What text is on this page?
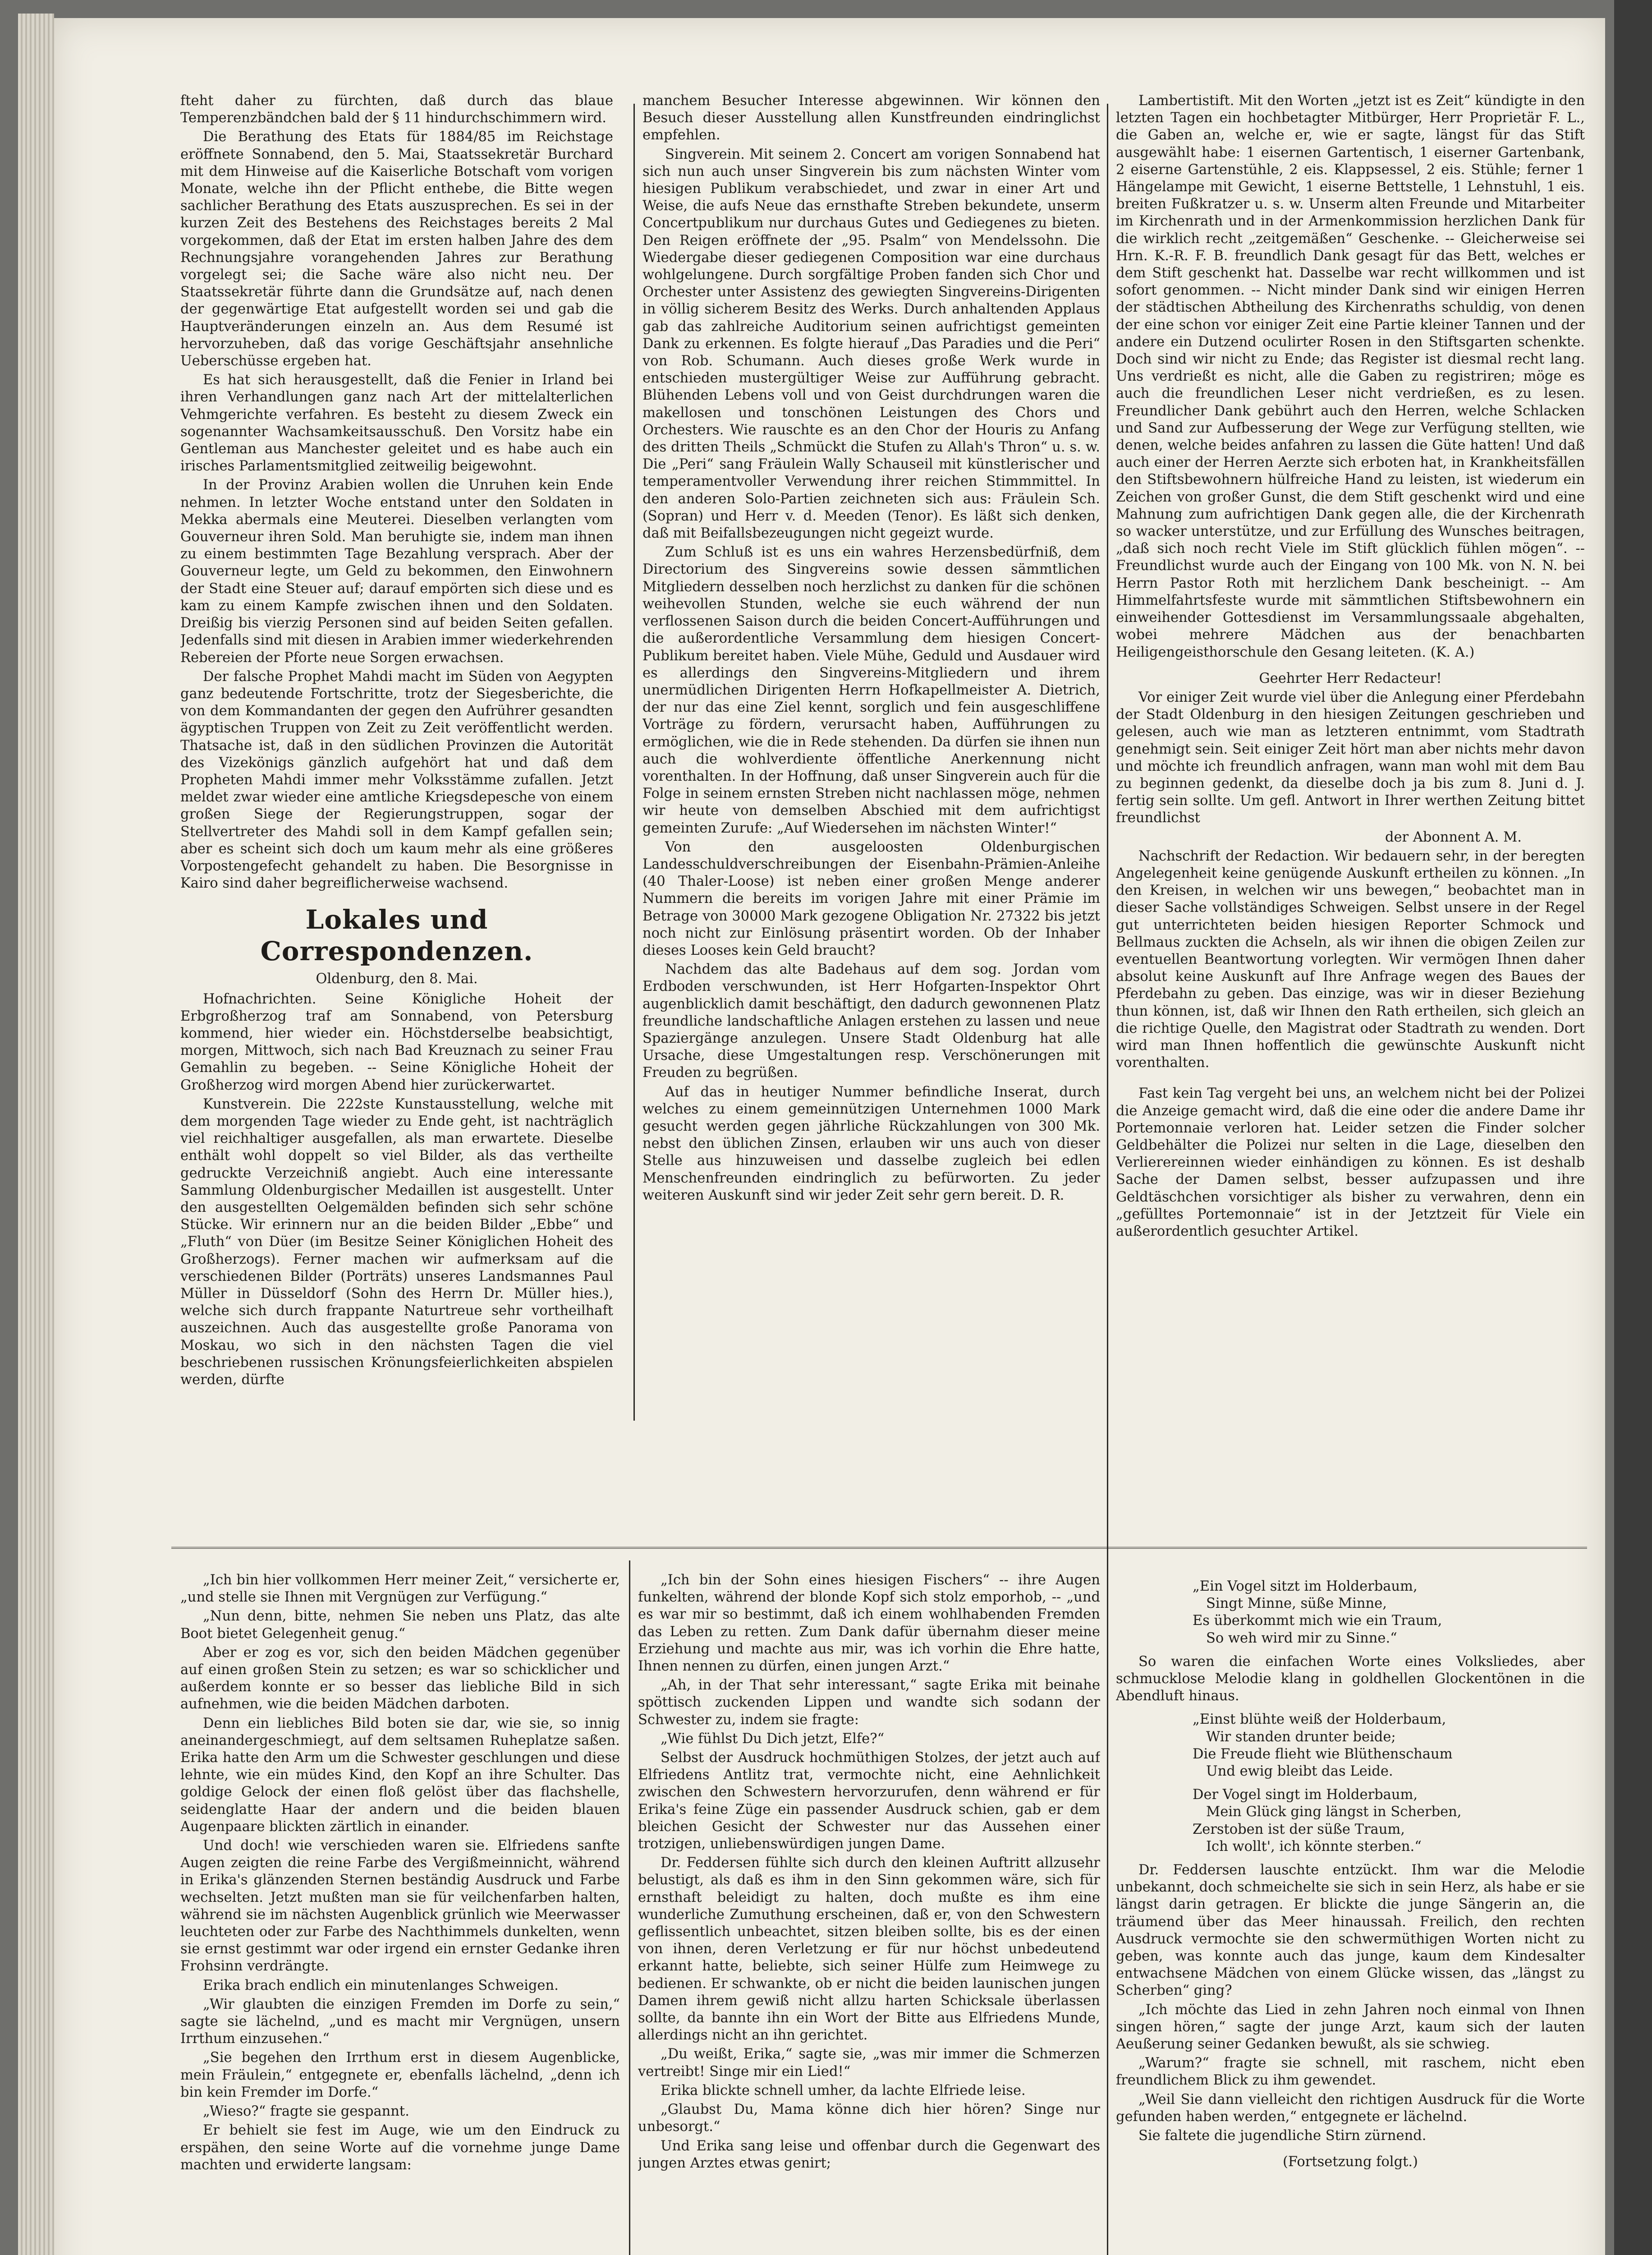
fteht daher zu fürchten, daß durch das blaue Temperenzbändchen bald der § 11 hindurchschimmern wird.

Die Berathung des Etats für 1884/85 im Reichstage eröffnete Sonnabend, den 5. Mai, Staatssekretär Burchard mit dem Hinweise auf die Kaiserliche Botschaft vom vorigen Monate, welche ihn der Pflicht enthebe, die Bitte wegen sachlicher Berathung des Etats auszusprechen. Es sei in der kurzen Zeit des Bestehens des Reichstages bereits 2 Mal vorgekommen, daß der Etat im ersten halben Jahre des dem Rechnungsjahre vorangehenden Jahres zur Berathung vorgelegt sei; die Sache wäre also nicht neu. Der Staatssekretär führte dann die Grundsätze auf, nach denen der gegenwärtige Etat aufgestellt worden sei und gab die Hauptveränderungen einzeln an. Aus dem Resumé ist hervorzuheben, daß das vorige Geschäftsjahr ansehnliche Ueberschüsse ergeben hat.

Es hat sich herausgestellt, daß die Fenier in Irland bei ihren Verhandlungen ganz nach Art der mittelalterlichen Vehmgerichte verfahren. Es besteht zu diesem Zweck ein sogenannter Wachsamkeitsausschuß. Den Vorsitz habe ein Gentleman aus Manchester geleitet und es habe auch ein irisches Parlamentsmitglied zeitweilig beigewohnt.

In der Provinz Arabien wollen die Unruhen kein Ende nehmen. In letzter Woche entstand unter den Soldaten in Mekka abermals eine Meuterei. Dieselben verlangten vom Gouverneur ihren Sold. Man beruhigte sie, indem man ihnen zu einem bestimmten Tage Bezahlung versprach. Aber der Gouverneur legte, um Geld zu bekommen, den Einwohnern der Stadt eine Steuer auf; darauf empörten sich diese und es kam zu einem Kampfe zwischen ihnen und den Soldaten. Dreißig bis vierzig Personen sind auf beiden Seiten gefallen. Jedenfalls sind mit diesen in Arabien immer wiederkehrenden Rebereien der Pforte neue Sorgen erwachsen.

Der falsche Prophet Mahdi macht im Süden von Aegypten ganz bedeutende Fortschritte, trotz der Siegesberichte, die von dem Kommandanten der gegen den Aufrührer gesandten ägyptischen Truppen von Zeit zu Zeit veröffentlicht werden. Thatsache ist, daß in den südlichen Provinzen die Autorität des Vizekönigs gänzlich aufgehört hat und daß dem Propheten Mahdi immer mehr Volksstämme zufallen. Jetzt meldet zwar wieder eine amtliche Kriegsdepesche von einem großen Siege der Regierungstruppen, sogar der Stellvertreter des Mahdi soll in dem Kampf gefallen sein; aber es scheint sich doch um kaum mehr als eine größeres Vorpostengefecht gehandelt zu haben. Die Besorgnisse in Kairo sind daher begreiflicherweise wachsend.

Lokales und Correspondenzen.

Oldenburg, den 8. Mai.

Hofnachrichten. Seine Königliche Hoheit der Erbgroßherzog traf am Sonnabend, von Petersburg kommend, hier wieder ein. Höchstderselbe beabsichtigt, morgen, Mittwoch, sich nach Bad Kreuznach zu seiner Frau Gemahlin zu begeben. -- Seine Königliche Hoheit der Großherzog wird morgen Abend hier zurückerwartet.

Kunstverein. Die 222ste Kunstausstellung, welche mit dem morgenden Tage wieder zu Ende geht, ist nachträglich viel reichhaltiger ausgefallen, als man erwartete. Dieselbe enthält wohl doppelt so viel Bilder, als das vertheilte gedruckte Verzeichniß angiebt. Auch eine interessante Sammlung Oldenburgischer Medaillen ist ausgestellt. Unter den ausgestellten Oelgemälden befinden sich sehr schöne Stücke. Wir erinnern nur an die beiden Bilder „Ebbe“ und „Fluth“ von Düer (im Besitze Seiner Königlichen Hoheit des Großherzogs). Ferner machen wir aufmerksam auf die verschiedenen Bilder (Porträts) unseres Landsmannes Paul Müller in Düsseldorf (Sohn des Herrn Dr. Müller hies.), welche sich durch frappante Naturtreue sehr vortheilhaft auszeichnen. Auch das ausgestellte große Panorama von Moskau, wo sich in den nächsten Tagen die viel beschriebenen russischen Krönungsfeierlichkeiten abspielen werden, dürfte

manchem Besucher Interesse abgewinnen. Wir können den Besuch dieser Ausstellung allen Kunstfreunden eindringlichst empfehlen.

Singverein. Mit seinem 2. Concert am vorigen Sonnabend hat sich nun auch unser Singverein bis zum nächsten Winter vom hiesigen Publikum verabschiedet, und zwar in einer Art und Weise, die aufs Neue das ernsthafte Streben bekundete, unserm Concertpublikum nur durchaus Gutes und Gediegenes zu bieten. Den Reigen eröffnete der „95. Psalm“ von Mendelssohn. Die Wiedergabe dieser gediegenen Composition war eine durchaus wohlgelungene. Durch sorgfältige Proben fanden sich Chor und Orchester unter Assistenz des gewiegten Singvereins-Dirigenten in völlig sicherem Besitz des Werks. Durch anhaltenden Applaus gab das zahlreiche Auditorium seinen aufrichtigst gemeinten Dank zu erkennen. Es folgte hierauf „Das Paradies und die Peri“ von Rob. Schumann. Auch dieses große Werk wurde in entschieden mustergültiger Weise zur Aufführung gebracht. Blühenden Lebens voll und von Geist durchdrungen waren die makellosen und tonschönen Leistungen des Chors und Orchesters. Wie rauschte es an den Chor der Houris zu Anfang des dritten Theils „Schmückt die Stufen zu Allah's Thron“ u. s. w. Die „Peri“ sang Fräulein Wally Schauseil mit künstlerischer und temperamentvoller Verwendung ihrer reichen Stimmmittel. In den anderen Solo-Partien zeichneten sich aus: Fräulein Sch. (Sopran) und Herr v. d. Meeden (Tenor). Es läßt sich denken, daß mit Beifallsbezeugungen nicht gegeizt wurde.

Zum Schluß ist es uns ein wahres Herzensbedürfniß, dem Directorium des Singvereins sowie dessen sämmtlichen Mitgliedern desselben noch herzlichst zu danken für die schönen weihevollen Stunden, welche sie euch während der nun verflossenen Saison durch die beiden Concert-Aufführungen und die außerordentliche Versammlung dem hiesigen Concert-Publikum bereitet haben. Viele Mühe, Geduld und Ausdauer wird es allerdings den Singvereins-Mitgliedern und ihrem unermüdlichen Dirigenten Herrn Hofkapellmeister A. Dietrich, der nur das eine Ziel kennt, sorglich und fein ausgeschliffene Vorträge zu fördern, verursacht haben, Aufführungen zu ermöglichen, wie die in Rede stehenden. Da dürfen sie ihnen nun auch die wohlverdiente öffentliche Anerkennung nicht vorenthalten. In der Hoffnung, daß unser Singverein auch für die Folge in seinem ernsten Streben nicht nachlassen möge, nehmen wir heute von demselben Abschied mit dem aufrichtigst gemeinten Zurufe: „Auf Wiedersehen im nächsten Winter!“

Von den ausgeloosten Oldenburgischen Landesschuldverschreibungen der Eisenbahn-Prämien-Anleihe (40 Thaler-Loose) ist neben einer großen Menge anderer Nummern die bereits im vorigen Jahre mit einer Prämie im Betrage von 30000 Mark gezogene Obligation Nr. 27322 bis jetzt noch nicht zur Einlösung präsentirt worden. Ob der Inhaber dieses Looses kein Geld braucht?

Nachdem das alte Badehaus auf dem sog. Jordan vom Erdboden verschwunden, ist Herr Hofgarten-Inspektor Ohrt augenblicklich damit beschäftigt, den dadurch gewonnenen Platz freundliche landschaftliche Anlagen erstehen zu lassen und neue Spaziergänge anzulegen. Unsere Stadt Oldenburg hat alle Ursache, diese Umgestaltungen resp. Verschönerungen mit Freuden zu begrüßen.

Auf das in heutiger Nummer befindliche Inserat, durch welches zu einem gemeinnützigen Unternehmen 1000 Mark gesucht werden gegen jährliche Rückzahlungen von 300 Mk. nebst den üblichen Zinsen, erlauben wir uns auch von dieser Stelle aus hinzuweisen und dasselbe zugleich bei edlen Menschenfreunden eindringlich zu befürworten. Zu jeder weiteren Auskunft sind wir jeder Zeit sehr gern bereit. D. R.

Lambertistift. Mit den Worten „jetzt ist es Zeit“ kündigte in den letzten Tagen ein hochbetagter Mitbürger, Herr Proprietär F. L., die Gaben an, welche er, wie er sagte, längst für das Stift ausgewählt habe: 1 eisernen Gartentisch, 1 eiserner Gartenbank, 2 eiserne Gartenstühle, 2 eis. Klappsessel, 2 eis. Stühle; ferner 1 Hängelampe mit Gewicht, 1 eiserne Bettstelle, 1 Lehnstuhl, 1 eis. breiten Fußkratzer u. s. w. Unserm alten Freunde und Mitarbeiter im Kirchenrath und in der Armenkommission herzlichen Dank für die wirklich recht „zeitgemäßen“ Geschenke. -- Gleicherweise sei Hrn. K.-R. F. B. freundlich Dank gesagt für das Bett, welches er dem Stift geschenkt hat. Dasselbe war recht willkommen und ist sofort genommen. -- Nicht minder Dank sind wir einigen Herren der städtischen Abtheilung des Kirchenraths schuldig, von denen der eine schon vor einiger Zeit eine Partie kleiner Tannen und der andere ein Dutzend oculirter Rosen in den Stiftsgarten schenkte. Doch sind wir nicht zu Ende; das Register ist diesmal recht lang. Uns verdrießt es nicht, alle die Gaben zu registriren; möge es auch die freundlichen Leser nicht verdrießen, es zu lesen. Freundlicher Dank gebührt auch den Herren, welche Schlacken und Sand zur Aufbesserung der Wege zur Verfügung stellten, wie denen, welche beides anfahren zu lassen die Güte hatten! Und daß auch einer der Herren Aerzte sich erboten hat, in Krankheitsfällen den Stiftsbewohnern hülfreiche Hand zu leisten, ist wiederum ein Zeichen von großer Gunst, die dem Stift geschenkt wird und eine Mahnung zum aufrichtigen Dank gegen alle, die der Kirchenrath so wacker unterstütze, und zur Erfüllung des Wunsches beitragen, „daß sich noch recht Viele im Stift glücklich fühlen mögen“. -- Freundlichst wurde auch der Eingang von 100 Mk. von N. N. bei Herrn Pastor Roth mit herzlichem Dank bescheinigt. -- Am Himmelfahrtsfeste wurde mit sämmtlichen Stiftsbewohnern ein einweihender Gottesdienst im Versammlungssaale abgehalten, wobei mehrere Mädchen aus der benachbarten Heiligengeisthorschule den Gesang leiteten. (K. A.)

Geehrter Herr Redacteur!

Vor einiger Zeit wurde viel über die Anlegung einer Pferdebahn der Stadt Oldenburg in den hiesigen Zeitungen geschrieben und gelesen, auch wie man as letzteren entnimmt, vom Stadtrath genehmigt sein. Seit einiger Zeit hört man aber nichts mehr davon und möchte ich freundlich anfragen, wann man wohl mit dem Bau zu beginnen gedenkt, da dieselbe doch ja bis zum 8. Juni d. J. fertig sein sollte. Um gefl. Antwort in Ihrer werthen Zeitung bittet freundlichst

der Abonnent A. M.

Nachschrift der Redaction. Wir bedauern sehr, in der beregten Angelegenheit keine genügende Auskunft ertheilen zu können. „In den Kreisen, in welchen wir uns bewegen,“ beobachtet man in dieser Sache vollständiges Schweigen. Selbst unsere in der Regel gut unterrichteten beiden hiesigen Reporter Schmock und Bellmaus zuckten die Achseln, als wir ihnen die obigen Zeilen zur eventuellen Beantwortung vorlegten. Wir vermögen Ihnen daher absolut keine Auskunft auf Ihre Anfrage wegen des Baues der Pferdebahn zu geben. Das einzige, was wir in dieser Beziehung thun können, ist, daß wir Ihnen den Rath ertheilen, sich gleich an die richtige Quelle, den Magistrat oder Stadtrath zu wenden. Dort wird man Ihnen hoffentlich die gewünschte Auskunft nicht vorenthalten.

Fast kein Tag vergeht bei uns, an welchem nicht bei der Polizei die Anzeige gemacht wird, daß die eine oder die andere Dame ihr Portemonnaie verloren hat. Leider setzen die Finder solcher Geldbehälter die Polizei nur selten in die Lage, dieselben den Verlierereinnen wieder einhändigen zu können. Es ist deshalb Sache der Damen selbst, besser aufzupassen und ihre Geldtäschchen vorsichtiger als bisher zu verwahren, denn ein „gefülltes Portemonnaie“ ist in der Jetztzeit für Viele ein außerordentlich gesuchter Artikel.

„Ich bin hier vollkommen Herr meiner Zeit,“ versicherte er, „und stelle sie Ihnen mit Vergnügen zur Verfügung.“

„Nun denn, bitte, nehmen Sie neben uns Platz, das alte Boot bietet Gelegenheit genug.“

Aber er zog es vor, sich den beiden Mädchen gegenüber auf einen großen Stein zu setzen; es war so schicklicher und außerdem konnte er so besser das liebliche Bild in sich aufnehmen, wie die beiden Mädchen darboten.

Denn ein liebliches Bild boten sie dar, wie sie, so innig aneinandergeschmiegt, auf dem seltsamen Ruheplatze saßen. Erika hatte den Arm um die Schwester geschlungen und diese lehnte, wie ein müdes Kind, den Kopf an ihre Schulter. Das goldige Gelock der einen floß gelöst über das flachshelle, seidenglatte Haar der andern und die beiden blauen Augenpaare blickten zärtlich in einander.

Und doch! wie verschieden waren sie. Elfriedens sanfte Augen zeigten die reine Farbe des Vergißmeinnicht, während in Erika's glänzenden Sternen beständig Ausdruck und Farbe wechselten. Jetzt mußten man sie für veilchenfarben halten, während sie im nächsten Augenblick grünlich wie Meerwasser leuchteten oder zur Farbe des Nachthimmels dunkelten, wenn sie ernst gestimmt war oder irgend ein ernster Gedanke ihren Frohsinn verdrängte.

Erika brach endlich ein minutenlanges Schweigen.

„Wir glaubten die einzigen Fremden im Dorfe zu sein,“ sagte sie lächelnd, „und es macht mir Vergnügen, unsern Irrthum einzusehen.“

„Sie begehen den Irrthum erst in diesem Augenblicke, mein Fräulein,“ entgegnete er, ebenfalls lächelnd, „denn ich bin kein Fremder im Dorfe.“

„Wieso?“ fragte sie gespannt.

Er behielt sie fest im Auge, wie um den Eindruck zu erspähen, den seine Worte auf die vornehme junge Dame machten und erwiderte langsam:

„Ich bin der Sohn eines hiesigen Fischers“ -- ihre Augen funkelten, während der blonde Kopf sich stolz emporhob, -- „und es war mir so bestimmt, daß ich einem wohlhabenden Fremden das Leben zu retten. Zum Dank dafür übernahm dieser meine Erziehung und machte aus mir, was ich vorhin die Ehre hatte, Ihnen nennen zu dürfen, einen jungen Arzt.“

„Ah, in der That sehr interessant,“ sagte Erika mit beinahe spöttisch zuckenden Lippen und wandte sich sodann der Schwester zu, indem sie fragte:

„Wie fühlst Du Dich jetzt, Elfe?“

Selbst der Ausdruck hochmüthigen Stolzes, der jetzt auch auf Elfriedens Antlitz trat, vermochte nicht, eine Aehnlichkeit zwischen den Schwestern hervorzurufen, denn während er für Erika's feine Züge ein passender Ausdruck schien, gab er dem bleichen Gesicht der Schwester nur das Aussehen einer trotzigen, unliebenswürdigen jungen Dame.

Dr. Feddersen fühlte sich durch den kleinen Auftritt allzusehr belustigt, als daß es ihm in den Sinn gekommen wäre, sich für ernsthaft beleidigt zu halten, doch mußte es ihm eine wunderliche Zumuthung erscheinen, daß er, von den Schwestern geflissentlich unbeachtet, sitzen bleiben sollte, bis es der einen von ihnen, deren Verletzung er für nur höchst unbedeutend erkannt hatte, beliebte, sich seiner Hülfe zum Heimwege zu bedienen. Er schwankte, ob er nicht die beiden launischen jungen Damen ihrem gewiß nicht allzu harten Schicksale überlassen sollte, da bannte ihn ein Wort der Bitte aus Elfriedens Munde, allerdings nicht an ihn gerichtet.

„Du weißt, Erika,“ sagte sie, „was mir immer die Schmerzen vertreibt! Singe mir ein Lied!“

Erika blickte schnell umher, da lachte Elfriede leise.

„Glaubst Du, Mama könne dich hier hören? Singe nur unbesorgt.“

Und Erika sang leise und offenbar durch die Gegenwart des jungen Arztes etwas genirt;

„Ein Vogel sitzt im Holderbaum,
Singt Minne, süße Minne,
Es überkommt mich wie ein Traum,
So weh wird mir zu Sinne.“

So waren die einfachen Worte eines Volksliedes, aber schmucklose Melodie klang in goldhellen Glockentönen in die Abendluft hinaus.

„Einst blühte weiß der Holderbaum,
Wir standen drunter beide;
Die Freude flieht wie Blüthenschaum
Und ewig bleibt das Leide.
Der Vogel singt im Holderbaum,
Mein Glück ging längst in Scherben,
Zerstoben ist der süße Traum,
Ich wollt', ich könnte sterben.“

Dr. Feddersen lauschte entzückt. Ihm war die Melodie unbekannt, doch schmeichelte sie sich in sein Herz, als habe er sie längst darin getragen. Er blickte die junge Sängerin an, die träumend über das Meer hinaussah. Freilich, den rechten Ausdruck vermochte sie den schwermüthigen Worten nicht zu geben, was konnte auch das junge, kaum dem Kindesalter entwachsene Mädchen von einem Glücke wissen, das „längst zu Scherben“ ging?

„Ich möchte das Lied in zehn Jahren noch einmal von Ihnen singen hören,“ sagte der junge Arzt, kaum sich der lauten Aeußerung seiner Gedanken bewußt, als sie schwieg.

„Warum?“ fragte sie schnell, mit raschem, nicht eben freundlichem Blick zu ihm gewendet.

„Weil Sie dann vielleicht den richtigen Ausdruck für die Worte gefunden haben werden,“ entgegnete er lächelnd.

Sie faltete die jugendliche Stirn zürnend.

(Fortsetzung folgt.)
